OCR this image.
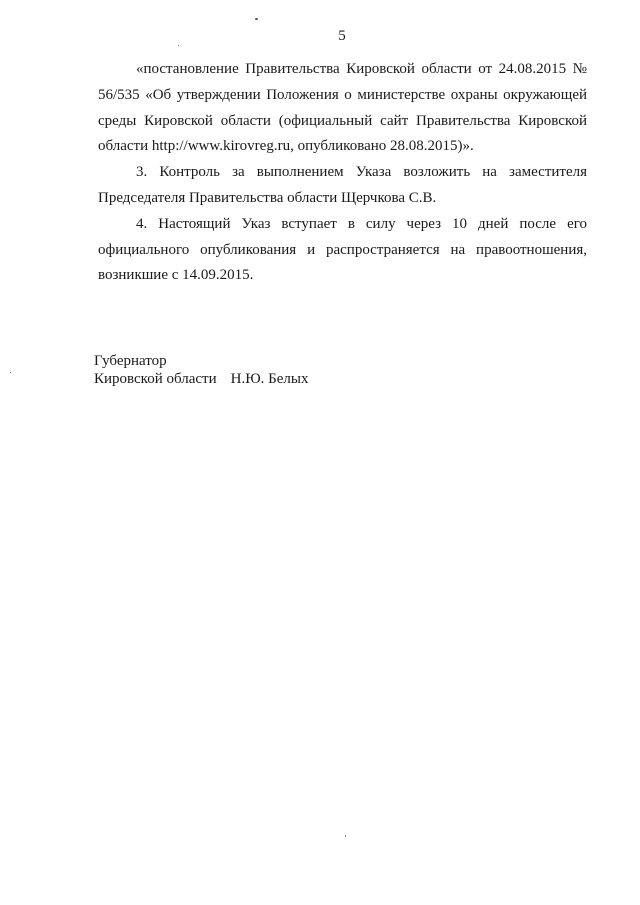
5

«постановление Правительства Кировской области от 24.08.2015 № 56/535 «Об утверждении Положения о министерстве охраны окружающей среды Кировской области (официальный сайт Правительства Кировской области http://www.kirovreg.ru, опубликовано 28.08.2015)».

3. Контроль за выполнением Указа возложить на заместителя Председателя Правительства области Щерчкова С.В.

4. Настоящий Указ вступает в силу через 10 дней после его официального опубликования и распространяется на правоотношения, возникшие с 14.09.2015.

Губернатор
Кировской области Н.Ю. Белых
